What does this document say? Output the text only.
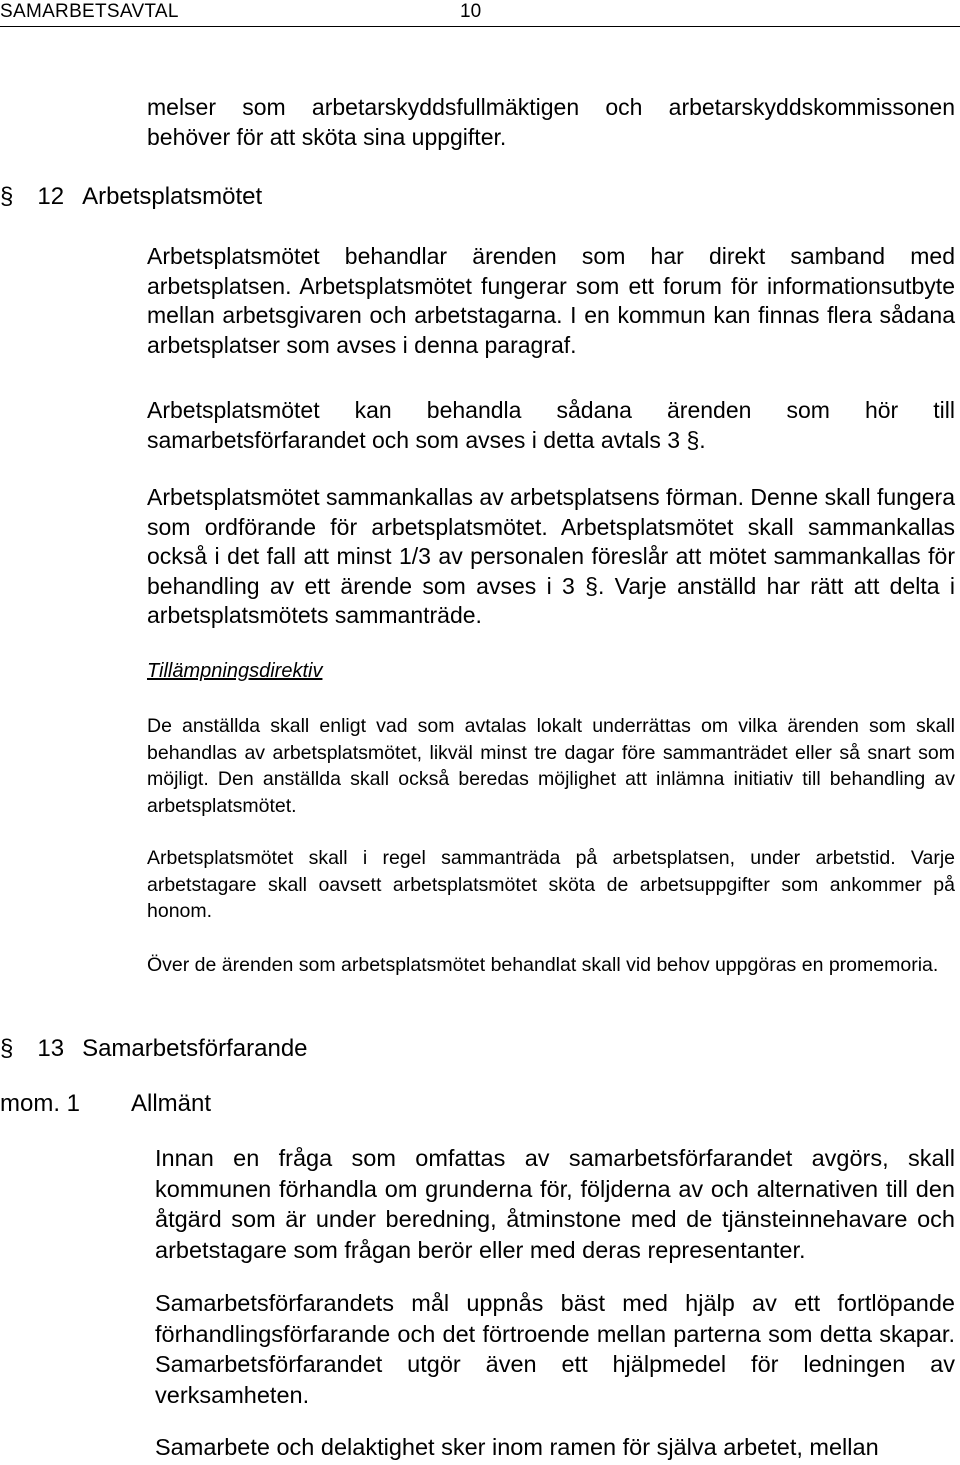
SAMARBETSAVTAL	10

melser som arbetarskyddsfullmäktigen och arbetarskyddskommissonen behöver för att sköta sina uppgifter.

§ 12 Arbetsplatsmötet

Arbetsplatsmötet behandlar ärenden som har direkt samband med arbetsplatsen. Arbetsplatsmötet fungerar som ett forum för informationsutbyte mellan arbetsgivaren och arbetstagarna. I en kommun kan finnas flera sådana arbetsplatser som avses i denna paragraf.

Arbetsplatsmötet kan behandla sådana ärenden som hör till samarbetsförfarandet och som avses i detta avtals 3 §.

Arbetsplatsmötet sammankallas av arbetsplatsens förman. Denne skall fungera som ordförande för arbetsplatsmötet. Arbetsplatsmötet skall sammankallas också i det fall att minst 1/3 av personalen föreslår att mötet sammankallas för behandling av ett ärende som avses i 3 §. Varje anställd har rätt att delta i arbetsplatsmötets sammanträde.

Tillämpningsdirektiv

De anställda skall enligt vad som avtalas lokalt underrättas om vilka ärenden som skall behandlas av arbetsplatsmötet, likväl minst tre dagar före sammanträdet eller så snart som möjligt. Den anställda skall också beredas möjlighet att inlämna initiativ till behandling av arbetsplatsmötet.

Arbetsplatsmötet skall i regel sammanträda på arbetsplatsen, under arbetstid. Varje arbetstagare skall oavsett arbetsplatsmötet sköta de arbetsuppgifter som ankommer på honom.

Över de ärenden som arbetsplatsmötet behandlat skall vid behov uppgöras en promemoria.

§ 13 Samarbetsförfarande
mom. 1 Allmänt

Innan en fråga som omfattas av samarbetsförfarandet avgörs, skall kommunen förhandla om grunderna för, följderna av och alternativen till den åtgärd som är under beredning, åtminstone med de tjänsteinnehavare och arbetstagare som frågan berör eller med deras representanter.

Samarbetsförfarandets mål uppnås bäst med hjälp av ett fortlöpande förhandlingsförfarande och det förtroende mellan parterna som detta skapar. Samarbetsförfarandet utgör även ett hjälpmedel för ledningen av verksamheten.

Samarbete och delaktighet sker inom ramen för själva arbetet, mellan
